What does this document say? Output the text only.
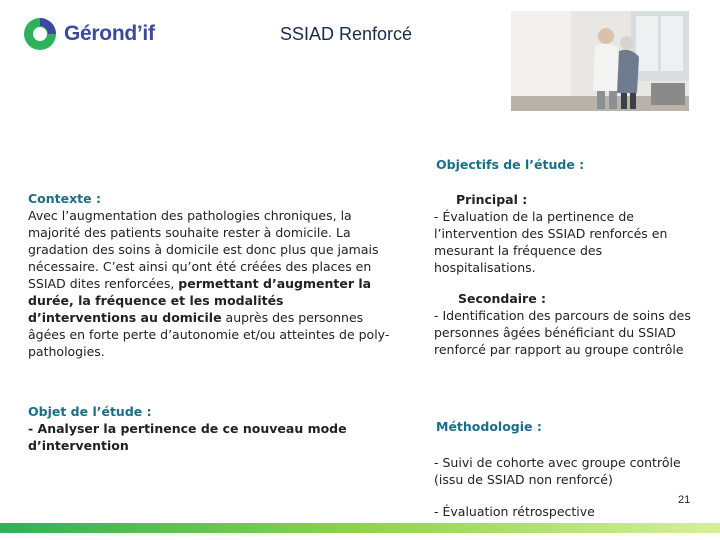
Gérond’if	SSIAD Renforcé
Objectifs de l’étude :
Contexte :
Avec l’augmentation des pathologies chroniques, la majorité des patients souhaite rester à domicile. La gradation des soins à domicile est donc plus que jamais nécessaire. C’est ainsi qu’ont été créées des places en SSIAD dites renforcées, permettant d’augmenter la durée, la fréquence et les modalités d’interventions au domicile auprès des personnes âgées en forte perte d’autonomie et/ou atteintes de poly-pathologies.
Objet de l’étude :
- Analyser la pertinence de ce nouveau mode d’intervention
Principal :
- Évaluation de la pertinence de l’intervention des SSIAD renforcés en mesurant la fréquence des hospitalisations.
Secondaire :
- Identification des parcours de soins des personnes âgées bénéficiant du SSIAD renforcé par rapport au groupe contrôle
Méthodologie :
- Suivi de cohorte avec groupe contrôle (issu de SSIAD non renforcé)
- Évaluation rétrospective
21
